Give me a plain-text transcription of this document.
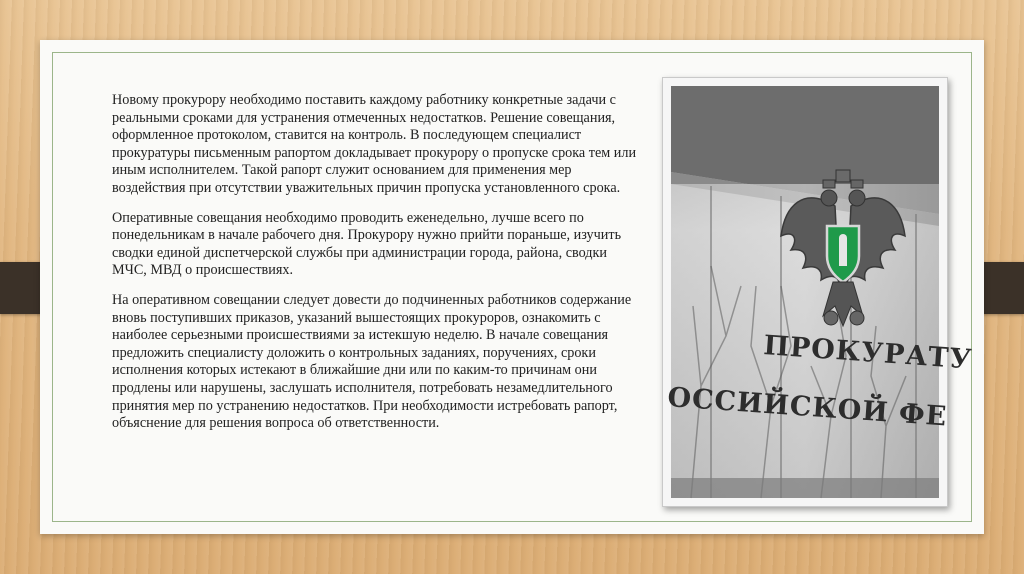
Новому прокурору необходимо поставить каждому работнику конкретные задачи с реальными сроками для устранения отмеченных недостатков. Решение совещания, оформленное протоколом, ставится на контроль. В последующем специалист прокуратуры письменным рапортом докладывает прокурору о пропуске срока тем или иным исполнителем. Такой рапорт служит основанием для применения мер воздействия при отсутствии уважительных причин пропуска установленного срока.

Оперативные совещания необходимо проводить еженедельно, лучше всего по понедельникам в начале рабочего дня. Прокурору нужно прийти пораньше, изучить сводки единой диспетчерской службы при администрации города, района, сводки МЧС, МВД о происшествиях.

На оперативном совещании следует довести до подчиненных работников содержание вновь поступивших приказов, указаний вышестоящих прокуроров, ознакомить с наиболее серьезными происшествиями за истекшую неделю. В начале совещания предложить специалисту доложить о контрольных заданиях, поручениях, сроки исполнения которых истекают в ближайшие дни или по каким-то причинам они продлены или нарушены, заслушать исполнителя, потребовать незамедлительного принятия мер по устранению недостатков. При необходимости истребовать рапорт, объяснение для решения вопроса об ответственности.

ПРОКУРАТУ
ОССИЙСКОЙ ФЕ
